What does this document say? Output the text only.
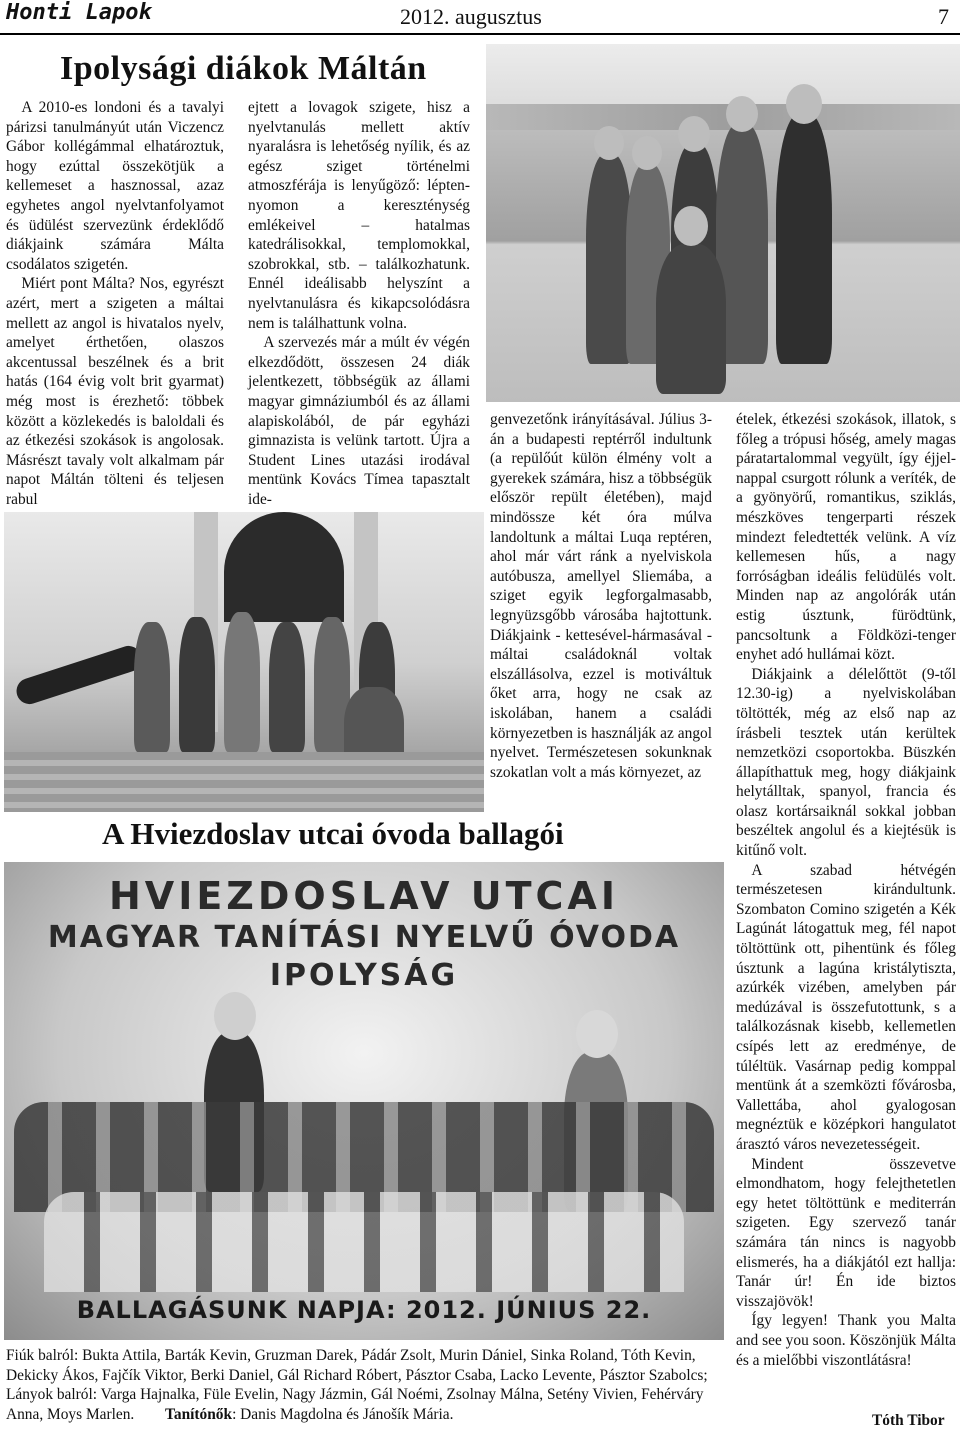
Honti Lapok	2012. augusztus	7
Ipolysági diákok Máltán

A 2010-es londoni és a tavalyi párizsi tanulmányút után Viczencz Gábor kollégámmal elhatároztuk, hogy ezúttal összekötjük a kellemeset a hasznossal, azaz egyhetes angol nyelvtanfolyamot és üdülést szervezünk érdeklődő diákjaink számára Málta csodálatos szigetén.

Miért pont Málta? Nos, egyrészt azért, mert a szigeten a máltai mellett az angol is hivatalos nyelv, amelyet érthetően, olaszos akcentussal beszélnek és a brit hatás (164 évig volt brit gyarmat) még most is érezhető: többek között a közlekedés is baloldali és az étkezési szokások is angolosak. Másrészt tavaly volt alkalmam pár napot Máltán tölteni és teljesen rabul

ejtett a lovagok szigete, hisz a nyelvtanulás mellett aktív nyaralásra is lehetőség nyílik, és az egész sziget történelmi atmoszférája is lenyűgöző: lépten-nyomon a kereszténység emlékeivel – hatalmas katedrálisokkal, templomokkal, szobrokkal, stb. – találkozhatunk. Ennél ideálisabb helyszínt a nyelvtanulásra és kikapcsolódásra nem is találhattunk volna.

A szervezés már a múlt év végén elkezdődött, összesen 24 diák jelentkezett, többségük az állami magyar gimnáziumból és az állami alapiskolából, de pár egyházi gimnazista is velünk tartott. Újra a Student Lines utazási irodával mentünk Kovács Tímea tapasztalt ide-

genvezetőnk irányításával. Július 3-án a budapesti reptérről indultunk (a repülőút külön élmény volt a gyerekek számára, hisz a többségük először repült életében), majd mindössze két óra múlva landoltunk a máltai Luqa reptéren, ahol már várt ránk a nyelviskola autóbusza, amellyel Sliemába, a sziget egyik legforgalmasabb, legnyüzsgőbb városába hajtottunk. Diákjaink - kettesével-hármasával - máltai családoknál voltak elszállásolva, ezzel is motiváltuk őket arra, hogy ne csak az iskolában, hanem a családi környezetben is használják az angol nyelvet. Természetesen sokunknak szokatlan volt a más környezet, az

ételek, étkezési szokások, illatok, s főleg a trópusi hőség, amely magas páratartalommal vegyült, így éjjel-nappal csurgott rólunk a veríték, de a gyönyörű, romantikus, sziklás, mészköves tengerparti részek mindezt feledtették velünk. A víz kellemesen hűs, a nagy forróságban ideális felüdülés volt. Minden nap az angolórák után estig úsztunk, fürödtünk, pancsoltunk a Földközi-tenger enyhet adó hullámai közt.

Diákjaink a délelőttöt (9-től 12.30-ig) a nyelviskolában töltötték, még az első nap az írásbeli tesztek után kerültek nemzetközi csoportokba. Büszkén állapíthattuk meg, hogy diákjaink helytálltak, spanyol, francia és olasz kortársaiknál sokkal jobban beszéltek angolul és a kiejtésük is kitűnő volt.

A szabad hétvégén természetesen kirándultunk. Szombaton Comino szigetén a Kék Lagúnát látogattuk meg, fél napot töltöttünk ott, pihentünk és főleg úsztunk a lagúna kristálytiszta, azúrkék vizében, amelyben pár medúzával is összefutottunk, s a találkozásnak kisebb, kellemetlen csípés lett az eredménye, de túléltük. Vasárnap pedig komppal mentünk át a szemközti fővárosba, Vallettába, ahol gyalogosan megnéztük e középkori hangulatot árasztó város nevezetességeit.

Mindent összevetve elmondhatom, hogy felejthetetlen egy hetet töltöttünk e mediterrán szigeten. Egy szervező tanár számára tán nincs is nagyobb elismerés, ha a diákjától ezt hallja: Tanár úr! Én ide biztos visszajövök!

Így legyen! Thank you Malta and see you soon. Köszönjük Málta és a mielőbbi viszontlátásra!

Tóth Tibor
A Hviezdoslav utcai óvoda ballagói
HVIEZDOSLAV UTCAI
MAGYAR TANÍTÁSI NYELVŰ ÓVODA
IPOLYSÁG
BALLAGÁSUNK NAPJA: 2012. JÚNIUS 22.
Fiúk balról: Bukta Attila, Barták Kevin, Gruzman Darek, Pádár Zsolt, Murin Dániel, Sinka Roland, Tóth Kevin, Dekicky Ákos, Fajčík Viktor, Berki Daniel, Gál Richard Róbert, Pásztor Csaba, Lacko Levente, Pásztor Szabolcs;
Lányok balról: Varga Hajnalka, Füle Evelin, Nagy Jázmin, Gál Noémi, Zsolnay Málna, Setény Vivien, Fehérváry Anna, Moys Marlen. Tanítónők: Danis Magdolna és Jánošík Mária.
